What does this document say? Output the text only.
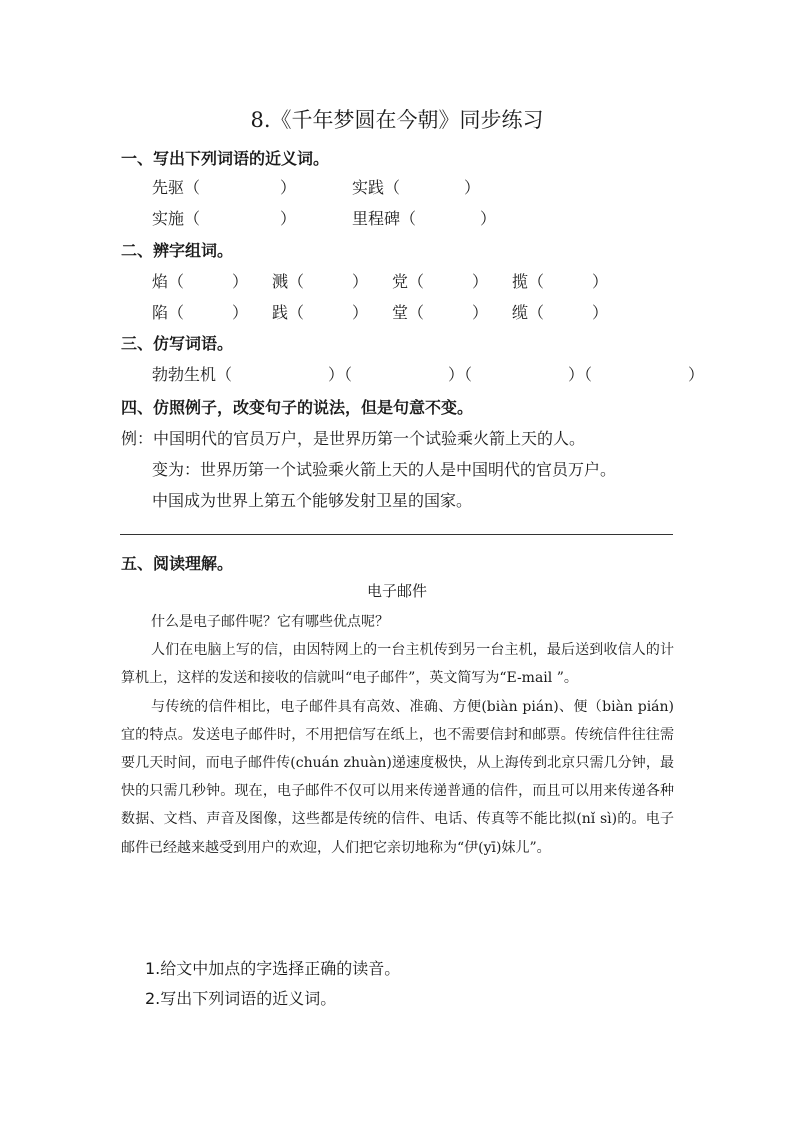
8.《千年梦圆在今朝》同步练习
一、写出下列词语的近义词。
先驱（　　　　　）	实践（　　　　）
实施（　　　　　）	里程碑（　　　　）
二、辨字组词。
焰（　　　） 溅（　　　） 党（　　　） 揽（　　　）
陷（　　　） 践（　　　） 堂（　　　） 缆（　　　）
三、仿写词语。
勃勃生机（　　　　　　）（　　　　　　）（　　　　　　）（　　　　　　）
四、仿照例子，改变句子的说法，但是句意不变。
例：中国明代的官员万户，是世界历第一个试验乘火箭上天的人。
变为：世界历第一个试验乘火箭上天的人是中国明代的官员万户。
中国成为世界上第五个能够发射卫星的国家。
五、阅读理解。
电子邮件

什么是电子邮件呢？它有哪些优点呢？

人们在电脑上写的信，由因特网上的一台主机传到另一台主机，最后送到收信人的计算机上，这样的发送和接收的信就叫“电子邮件”，英文简写为“E-mail ”。

与传统的信件相比，电子邮件具有高效、准确、方便(biàn pián)、便（biàn pián)宜的特点。发送电子邮件时，不用把信写在纸上，也不需要信封和邮票。传统信件往往需要几天时间，而电子邮件传(chuán zhuàn)递速度极快，从上海传到北京只需几分钟，最快的只需几秒钟。现在，电子邮件不仅可以用来传递普通的信件，而且可以用来传递各种数据、文档、声音及图像，这些都是传统的信件、电话、传真等不能比拟(nǐ sì)的。电子邮件已经越来越受到用户的欢迎，人们把它亲切地称为“伊(yī)妹儿”。

1.给文中加点的字选择正确的读音。
2.写出下列词语的近义词。
